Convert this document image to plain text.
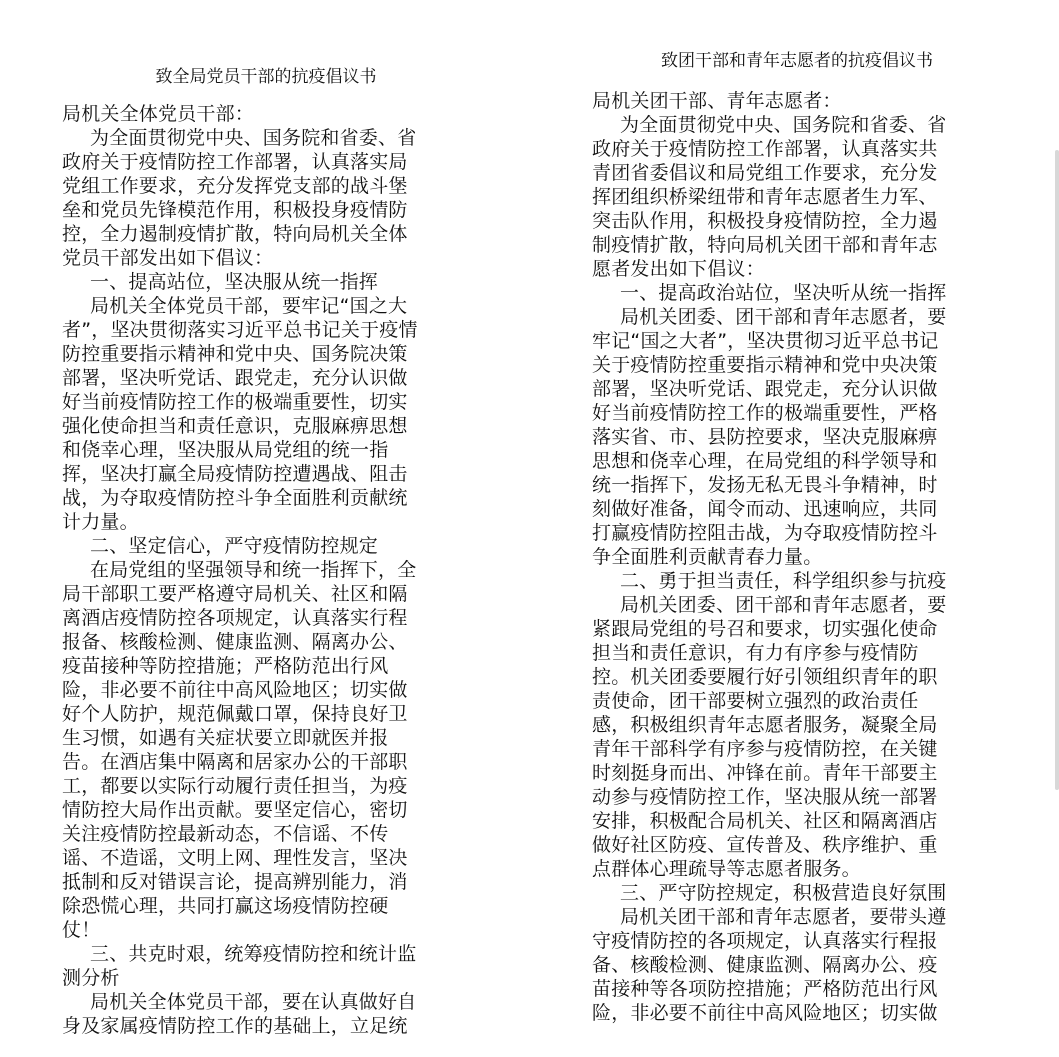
致全局党员干部的抗疫倡议书
局机关全体党员干部：
为全面贯彻党中央、国务院和省委、省
政府关于疫情防控工作部署，认真落实局
党组工作要求，充分发挥党支部的战斗堡
垒和党员先锋模范作用，积极投身疫情防
控，全力遏制疫情扩散，特向局机关全体
党员干部发出如下倡议：
一、提高站位，坚决服从统一指挥
局机关全体党员干部，要牢记“国之大
者”，坚决贯彻落实习近平总书记关于疫情
防控重要指示精神和党中央、国务院决策
部署，坚决听党话、跟党走，充分认识做
好当前疫情防控工作的极端重要性，切实
强化使命担当和责任意识，克服麻痹思想
和侥幸心理，坚决服从局党组的统一指
挥，坚决打赢全局疫情防控遭遇战、阻击
战，为夺取疫情防控斗争全面胜利贡献统
计力量。
二、坚定信心，严守疫情防控规定
在局党组的坚强领导和统一指挥下，全
局干部职工要严格遵守局机关、社区和隔
离酒店疫情防控各项规定，认真落实行程
报备、核酸检测、健康监测、隔离办公、
疫苗接种等防控措施；严格防范出行风
险，非必要不前往中高风险地区；切实做
好个人防护，规范佩戴口罩，保持良好卫
生习惯，如遇有关症状要立即就医并报
告。在酒店集中隔离和居家办公的干部职
工，都要以实际行动履行责任担当，为疫
情防控大局作出贡献。要坚定信心，密切
关注疫情防控最新动态，不信谣、不传
谣、不造谣，文明上网、理性发言，坚决
抵制和反对错误言论，提高辨别能力，消
除恐慌心理，共同打赢这场疫情防控硬
仗！
三、共克时艰，统筹疫情防控和统计监
测分析
局机关全体党员干部，要在认真做好自
身及家属疫情防控工作的基础上，立足统
致团干部和青年志愿者的抗疫倡议书
局机关团干部、青年志愿者：
为全面贯彻党中央、国务院和省委、省
政府关于疫情防控工作部署，认真落实共
青团省委倡议和局党组工作要求，充分发
挥团组织桥梁纽带和青年志愿者生力军、
突击队作用，积极投身疫情防控，全力遏
制疫情扩散，特向局机关团干部和青年志
愿者发出如下倡议：
一、提高政治站位，坚决听从统一指挥
局机关团委、团干部和青年志愿者，要
牢记“国之大者”，坚决贯彻习近平总书记
关于疫情防控重要指示精神和党中央决策
部署，坚决听党话、跟党走，充分认识做
好当前疫情防控工作的极端重要性，严格
落实省、市、县防控要求，坚决克服麻痹
思想和侥幸心理，在局党组的科学领导和
统一指挥下，发扬无私无畏斗争精神，时
刻做好准备，闻令而动、迅速响应，共同
打赢疫情防控阻击战，为夺取疫情防控斗
争全面胜利贡献青春力量。
二、勇于担当责任，科学组织参与抗疫
局机关团委、团干部和青年志愿者，要
紧跟局党组的号召和要求，切实强化使命
担当和责任意识，有力有序参与疫情防
控。机关团委要履行好引领组织青年的职
责使命，团干部要树立强烈的政治责任
感，积极组织青年志愿者服务，凝聚全局
青年干部科学有序参与疫情防控，在关键
时刻挺身而出、冲锋在前。青年干部要主
动参与疫情防控工作，坚决服从统一部署
安排，积极配合局机关、社区和隔离酒店
做好社区防疫、宣传普及、秩序维护、重
点群体心理疏导等志愿者服务。
三、严守防控规定，积极营造良好氛围
局机关团干部和青年志愿者，要带头遵
守疫情防控的各项规定，认真落实行程报
备、核酸检测、健康监测、隔离办公、疫
苗接种等各项防控措施；严格防范出行风
险，非必要不前往中高风险地区；切实做
